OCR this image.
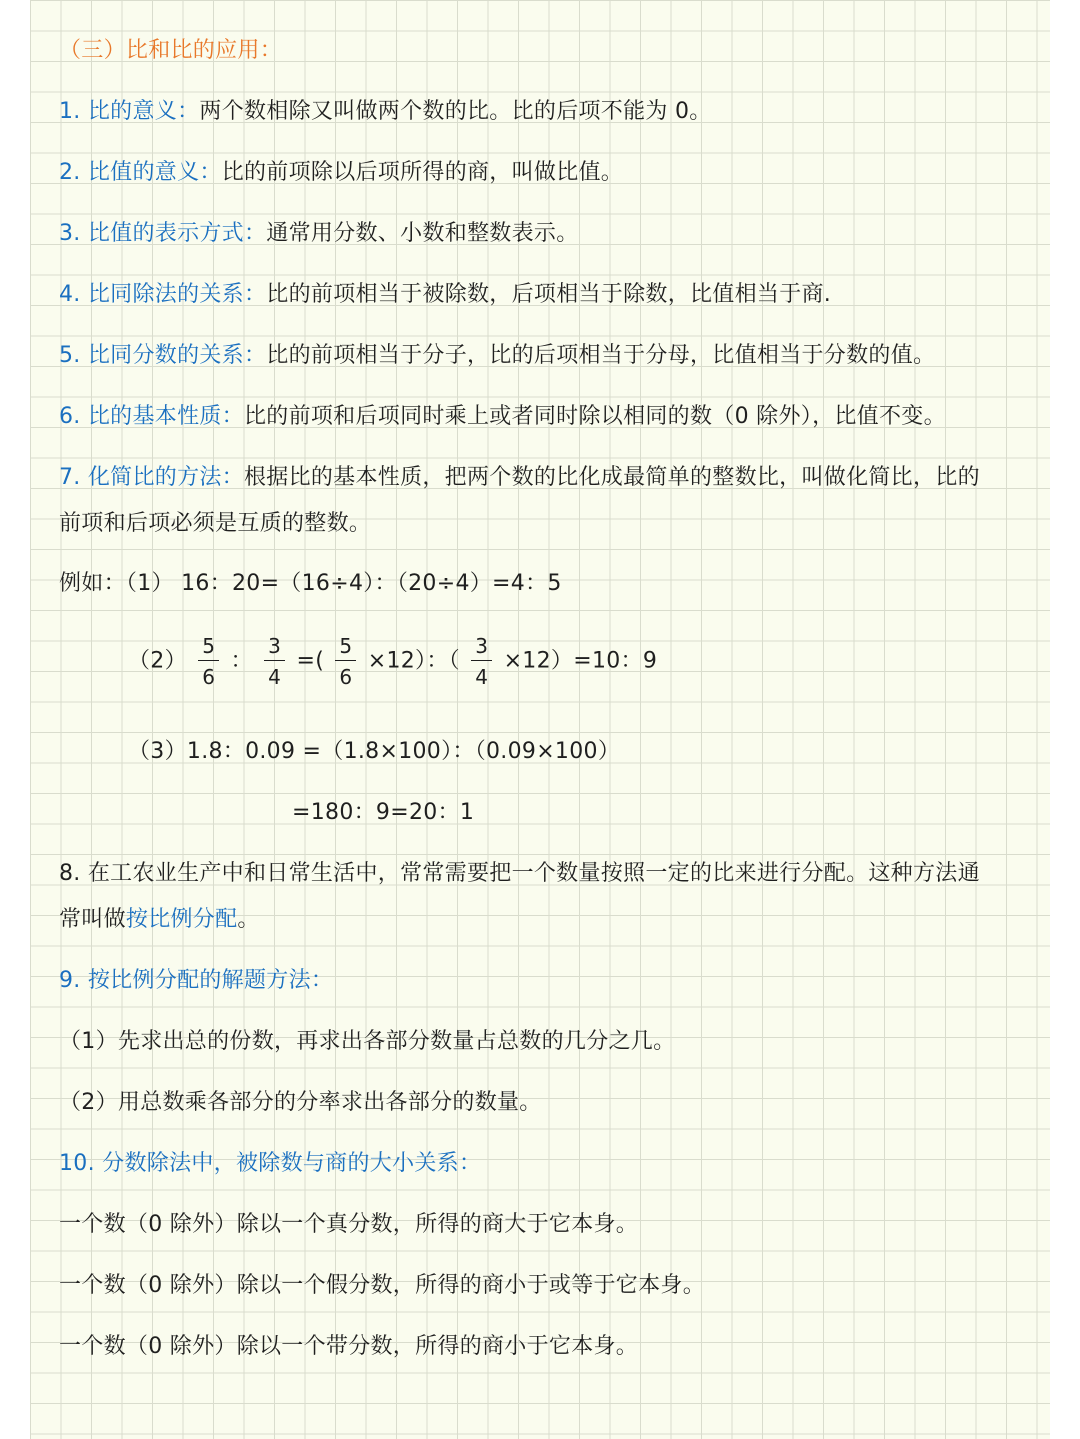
（三）比和比的应用：
1. 比的意义：两个数相除又叫做两个数的比。比的后项不能为 0。
2. 比值的意义：比的前项除以后项所得的商，叫做比值。
3. 比值的表示方式：通常用分数、小数和整数表示。
4. 比同除法的关系：比的前项相当于被除数，后项相当于除数，比值相当于商.
5. 比同分数的关系：比的前项相当于分子，比的后项相当于分母，比值相当于分数的值。
6. 比的基本性质：比的前项和后项同时乘上或者同时除以相同的数（0 除外），比值不变。
7. 化简比的方法：根据比的基本性质，把两个数的比化成最简单的整数比，叫做化简比，比的
前项和后项必须是互质的整数。
例如：（1） 16：20=（16÷4）：（20÷4）=4：5
$(2) \frac{5}{6}$ ： $\frac{3}{4}$ =( $\frac{5}{6} \times 12$）：（ $\frac{3}{4} \times 12)=10$：9
（3）1.8：0.09 =（1.8×100）：（0.09×100）
=180：9=20：1
8. 在工农业生产中和日常生活中，常常需要把一个数量按照一定的比来进行分配。这种方法通
常叫做按比例分配。
9. 按比例分配的解题方法：
（1）先求出总的份数，再求出各部分数量占总数的几分之几。
（2）用总数乘各部分的分率求出各部分的数量。
10. 分数除法中，被除数与商的大小关系：
一个数（0 除外）除以一个真分数，所得的商大于它本身。
一个数（0 除外）除以一个假分数，所得的商小于或等于它本身。
一个数（0 除外）除以一个带分数，所得的商小于它本身。
